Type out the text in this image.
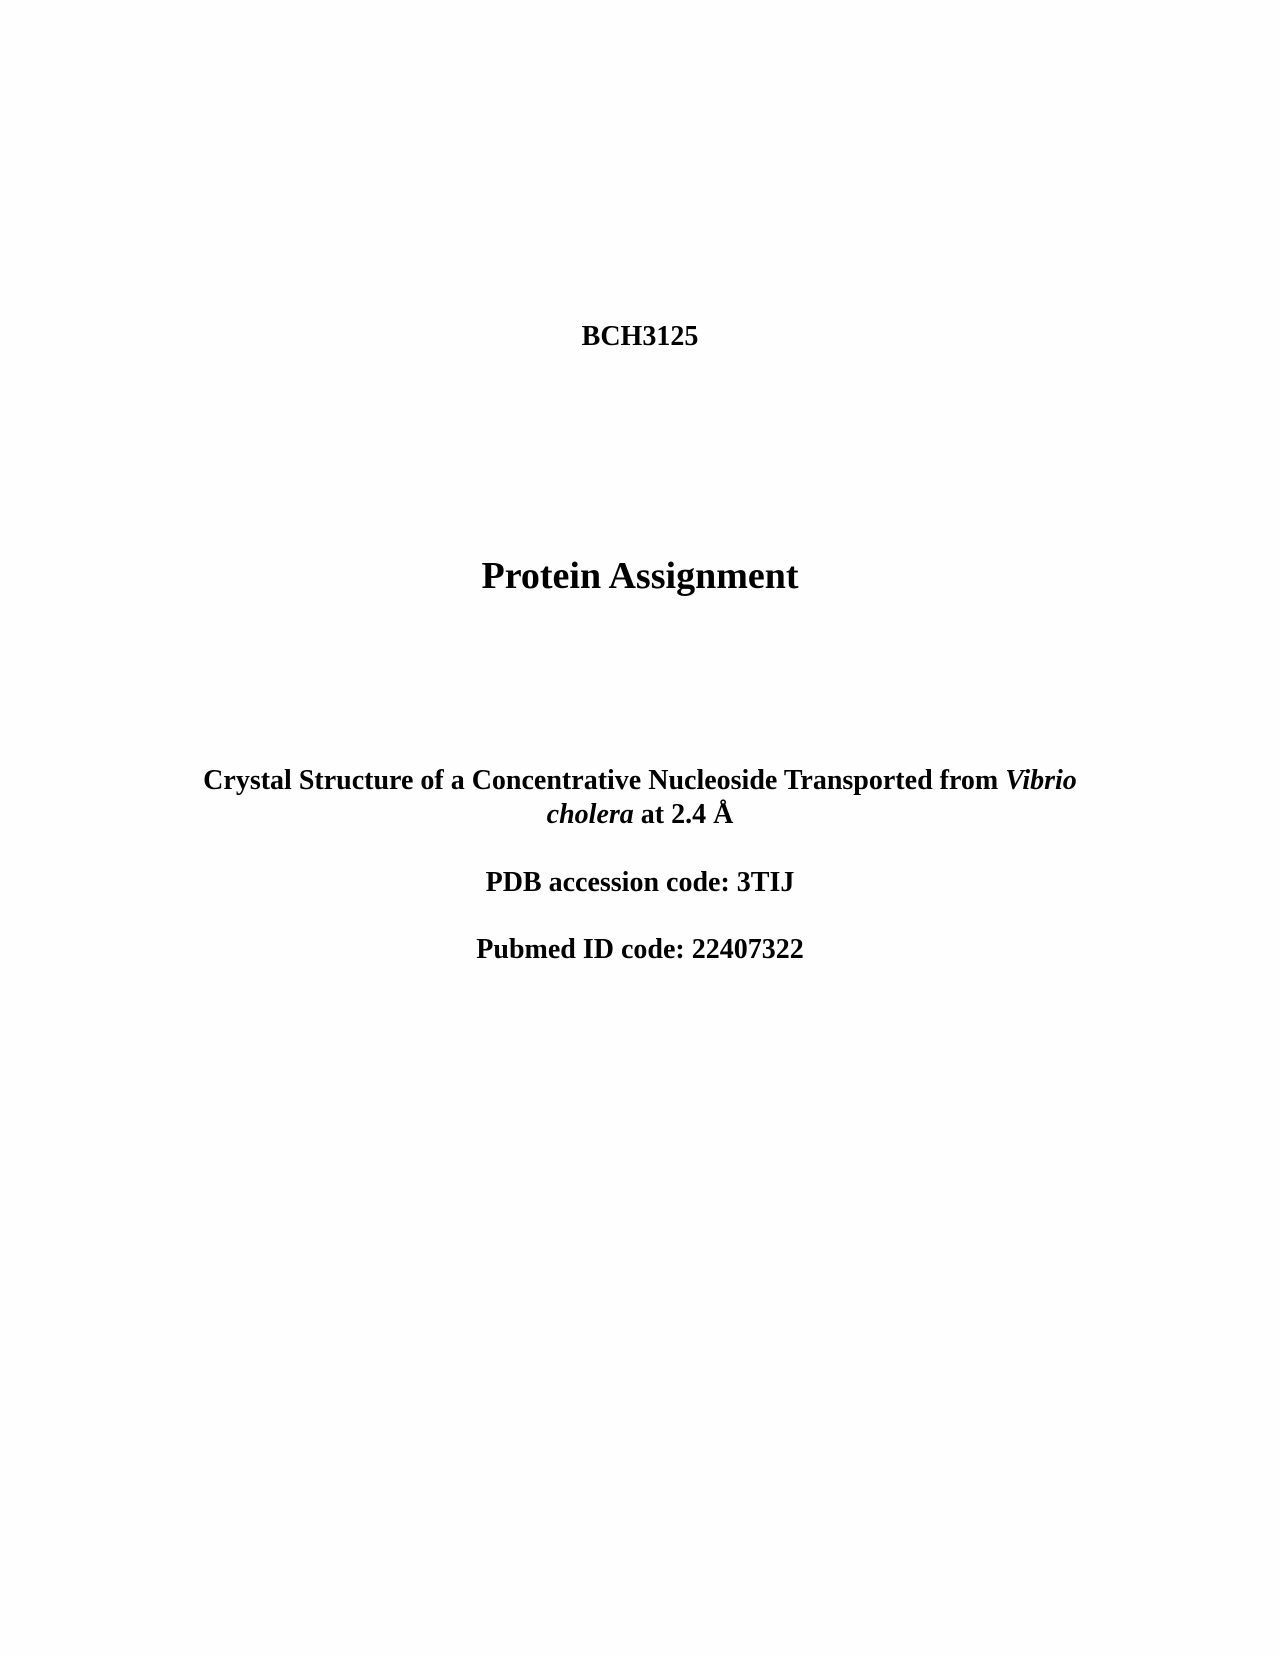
BCH3125
Protein Assignment
Crystal Structure of a Concentrative Nucleoside Transported from Vibrio
cholera at 2.4 Å
PDB accession code: 3TIJ
Pubmed ID code: 22407322
